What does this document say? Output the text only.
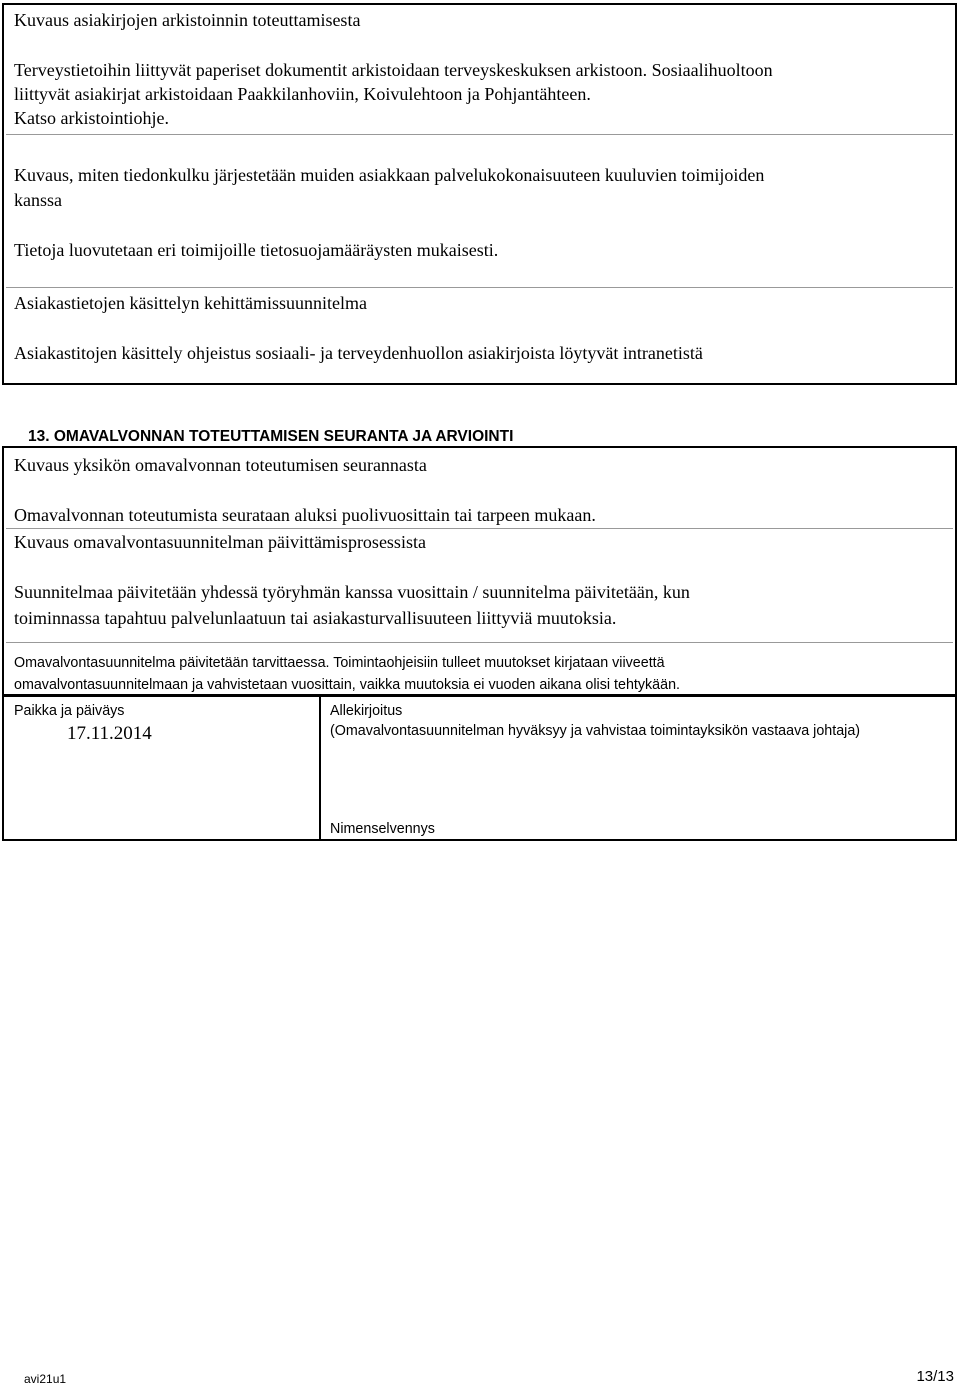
Kuvaus asiakirjojen arkistoinnin toteuttamisesta
Terveystietoihin liittyvät paperiset dokumentit arkistoidaan terveyskeskuksen arkistoon. Sosiaalihuoltoon
liittyvät asiakirjat arkistoidaan Paakkilanhoviin, Koivulehtoon ja Pohjantähteen.
Katso arkistointiohje.
Kuvaus, miten tiedonkulku järjestetään muiden asiakkaan palvelukokonaisuuteen kuuluvien toimijoiden
kanssa
Tietoja luovutetaan eri toimijoille tietosuojamääräysten mukaisesti.
Asiakastietojen käsittelyn kehittämissuunnitelma
Asiakastitojen käsittely ohjeistus sosiaali- ja terveydenhuollon asiakirjoista löytyvät intranetistä
13. OMAVALVONNAN TOTEUTTAMISEN SEURANTA JA ARVIOINTI
Kuvaus yksikön omavalvonnan toteutumisen seurannasta
Omavalvonnan toteutumista seurataan aluksi puolivuosittain tai tarpeen mukaan.
Kuvaus omavalvontasuunnitelman päivittämisprosessista
Suunnitelmaa päivitetään yhdessä työryhmän kanssa vuosittain / suunnitelma päivitetään, kun
toiminnassa tapahtuu palvelunlaatuun tai asiakasturvallisuuteen liittyviä muutoksia.
Omavalvontasuunnitelma päivitetään tarvittaessa. Toimintaohjeisiin tulleet muutokset kirjataan viiveettä
omavalvontasuunnitelmaan ja vahvistetaan vuosittain, vaikka muutoksia ei vuoden aikana olisi tehtykään.
Paikka ja päiväys
17.11.2014
Allekirjoitus
(Omavalvontasuunnitelman hyväksyy ja vahvistaa toimintayksikön vastaava johtaja)
Nimenselvennys
avi21u1	13/13
